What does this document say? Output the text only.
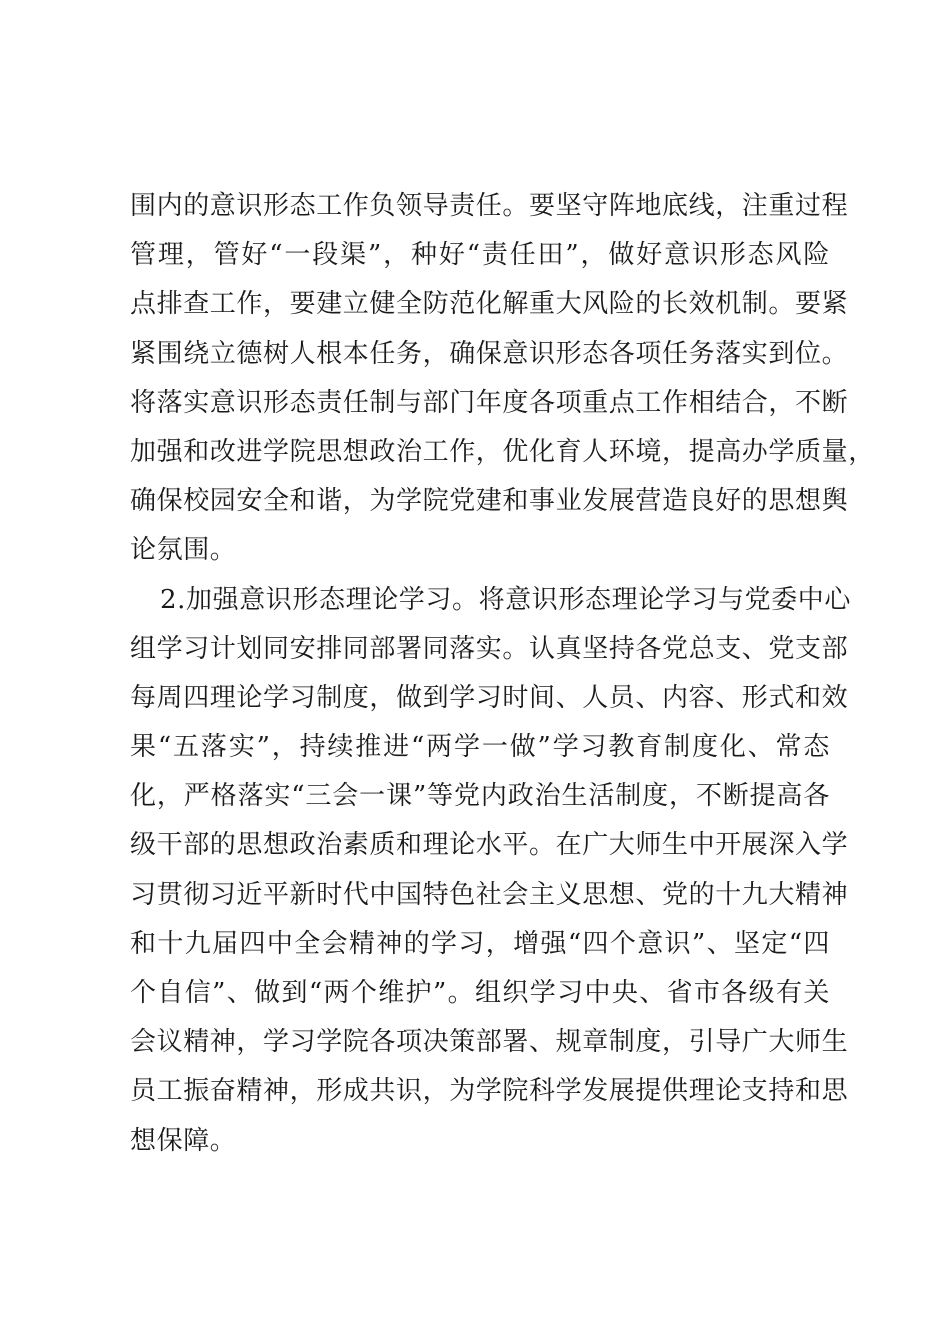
围内的意识形态工作负领导责任。要坚守阵地底线，注重过程
管理，管好“一段渠”，种好“责任田”，做好意识形态风险
点排查工作，要建立健全防范化解重大风险的长效机制。要紧
紧围绕立德树人根本任务，确保意识形态各项任务落实到位。
将落实意识形态责任制与部门年度各项重点工作相结合，不断
加强和改进学院思想政治工作，优化育人环境，提高办学质量，
确保校园安全和谐，为学院党建和事业发展营造良好的思想舆
论氛围。
2.加强意识形态理论学习。将意识形态理论学习与党委中心
组学习计划同安排同部署同落实。认真坚持各党总支、党支部
每周四理论学习制度，做到学习时间、人员、内容、形式和效
果“五落实”，持续推进“两学一做”学习教育制度化、常态
化，严格落实“三会一课”等党内政治生活制度，不断提高各
级干部的思想政治素质和理论水平。在广大师生中开展深入学
习贯彻习近平新时代中国特色社会主义思想、党的十九大精神
和十九届四中全会精神的学习，增强“四个意识”、坚定“四
个自信”、做到“两个维护”。组织学习中央、省市各级有关
会议精神，学习学院各项决策部署、规章制度，引导广大师生
员工振奋精神，形成共识，为学院科学发展提供理论支持和思
想保障。
